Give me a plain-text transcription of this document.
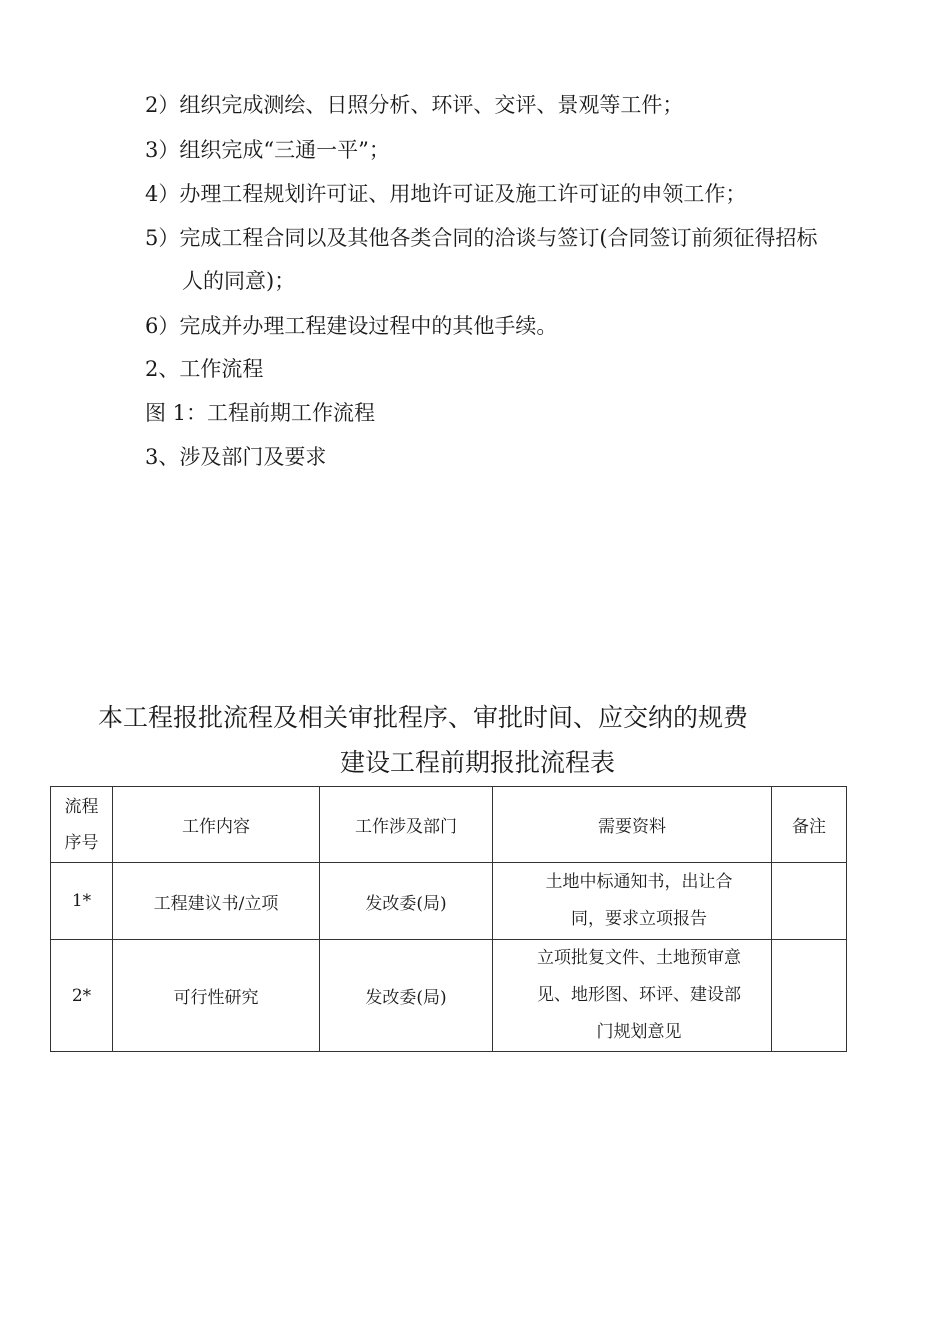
2）组织完成测绘、日照分析、环评、交评、景观等工件；
3）组织完成“三通一平”；
4）办理工程规划许可证、用地许可证及施工许可证的申领工作；
5）完成工程合同以及其他各类合同的洽谈与签订(合同签订前须征得招标
人的同意)；
6）完成并办理工程建设过程中的其他手续。
2、工作流程
图 1：工程前期工作流程
3、涉及部门及要求
本工程报批流程及相关审批程序、审批时间、应交纳的规费
建设工程前期报批流程表
流程
序号	工作内容	工作涉及部门	需要资料	备注
1*	工程建议书/立项	发改委(局)	土地中标通知书，出让合
同，要求立项报告	

2*	可行性研究	发改委(局)	立项批复文件、土地预审意
见、地形图、环评、建设部
门规划意见	
